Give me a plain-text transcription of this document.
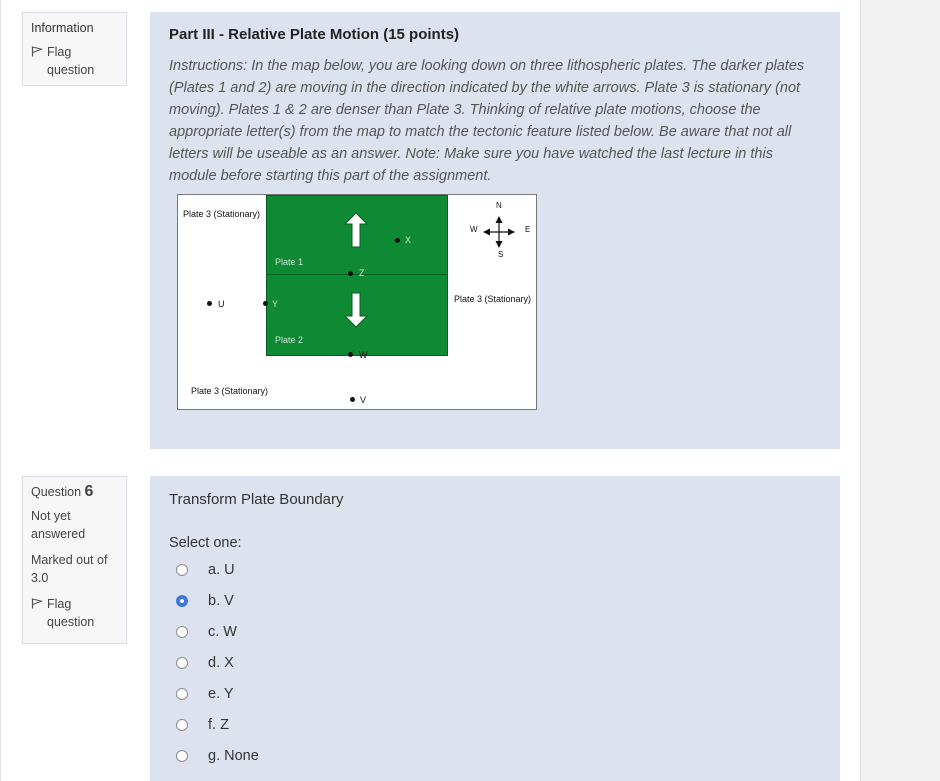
Information
Flag
question
Part III - Relative Plate Motion (15 points)
Instructions: In the map below, you are looking down on three lithospheric plates. The darker plates (Plates 1 and 2) are moving in the direction indicated by the white arrows. Plate 3 is stationary (not moving). Plates 1 & 2 are denser than Plate 3. Thinking of relative plate motions, choose the appropriate letter(s) from the map to match the tectonic feature listed below. Be aware that not all letters will be useable as an answer. Note: Make sure you have watched the last lecture in this module before starting this part of the assignment.
Plate 3 (Stationary)
Plate 3 (Stationary)
Plate 3 (Stationary)
Plate 1
Plate 2
N
S
W	E
X
Z
U	Y
W
V
Question 6
Not yet
answered
Marked out of
3.0
Flag
question
Transform Plate Boundary
Select one:
a. U
b. V
c. W
d. X
e. Y
f. Z
g. None
